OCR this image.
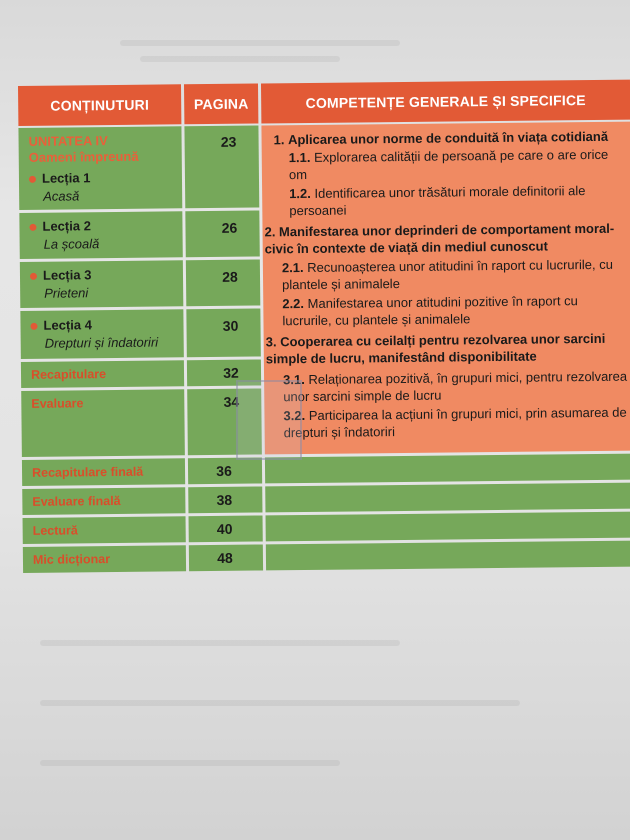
CONȚINUTURI	PAGINA	COMPETENȚE GENERALE ȘI SPECIFICE
UNITATEA IV
Oameni împreună
Lecția 1
Acasă
Lecția 2
La școală
Lecția 3
Prieteni
Lecția 4
Drepturi și îndatoriri
Recapitulare
Evaluare
Recapitulare finală
Evaluare finală
Lectură
Mic dicționar
23
26
28
30
32
34
36
38
40
48
1. Aplicarea unor norme de conduită în viața cotidiană
1.1. Explorarea calității de persoană pe care o are orice om
1.2. Identificarea unor trăsături morale definitorii ale persoanei
2. Manifestarea unor deprinderi de comportament moral-civic în contexte de viață din mediul cunoscut
2.1. Recunoașterea unor atitudini în raport cu lucrurile, cu plantele și animalele
2.2. Manifestarea unor atitudini pozitive în raport cu lucrurile, cu plantele și animalele
3. Cooperarea cu ceilalți pentru rezolvarea unor sarcini simple de lucru, manifestând disponibilitate
3.1. Relaționarea pozitivă, în grupuri mici, pentru rezolvarea unor sarcini simple de lucru
3.2. Participarea la acțiuni în grupuri mici, prin asumarea de drepturi și îndatoriri
